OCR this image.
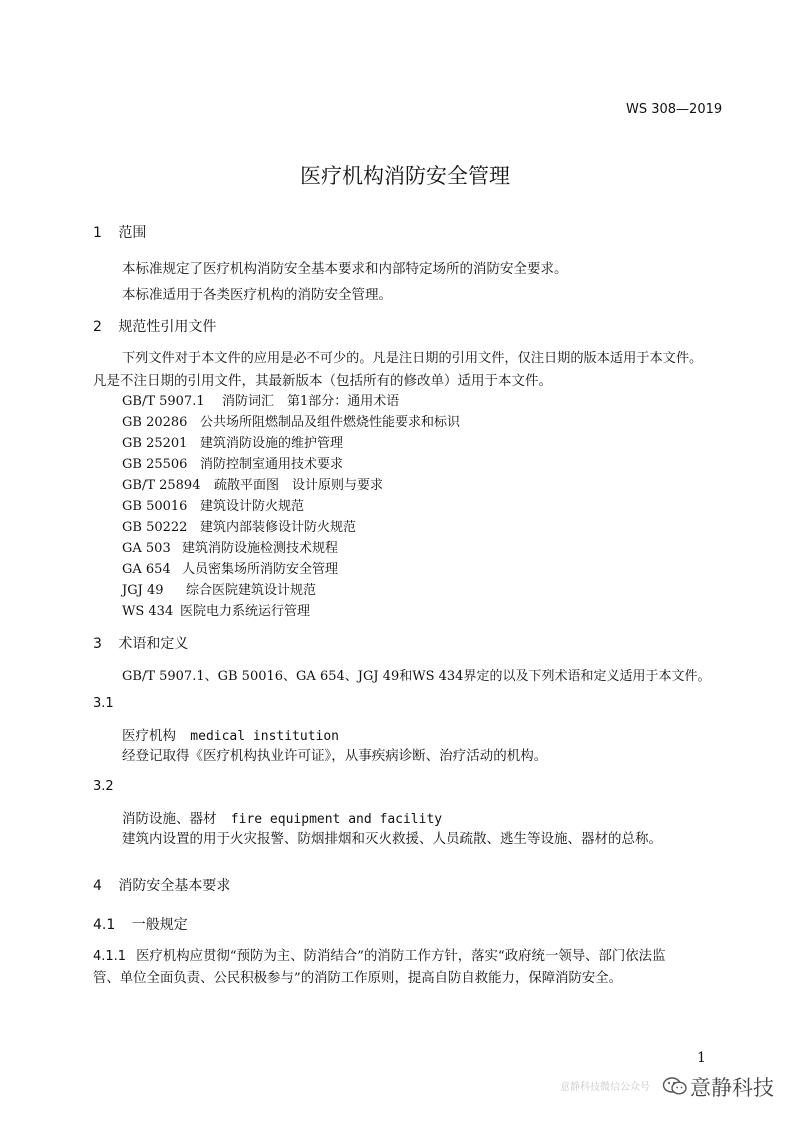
WS 308—2019
医疗机构消防安全管理
1 范围
本标准规定了医疗机构消防安全基本要求和内部特定场所的消防安全要求。
本标准适用于各类医疗机构的消防安全管理。
2 规范性引用文件
下列文件对于本文件的应用是必不可少的。凡是注日期的引用文件，仅注日期的版本适用于本文件。
凡是不注日期的引用文件，其最新版本（包括所有的修改单）适用于本文件。
GB/T 5907.1 消防词汇　第1部分：通用术语
GB 20286 公共场所阻燃制品及组件燃烧性能要求和标识
GB 25201 建筑消防设施的维护管理
GB 25506 消防控制室通用技术要求
GB/T 25894 疏散平面图　设计原则与要求
GB 50016 建筑设计防火规范
GB 50222 建筑内部装修设计防火规范
GA 503 建筑消防设施检测技术规程
GA 654 人员密集场所消防安全管理
JGJ 49 综合医院建筑设计规范
WS 434 医院电力系统运行管理
3 术语和定义
GB/T 5907.1、GB 50016、GA 654、JGJ 49和WS 434界定的以及下列术语和定义适用于本文件。
3.1
医疗机构 medical institution
经登记取得《医疗机构执业许可证》，从事疾病诊断、治疗活动的机构。
3.2
消防设施、器材 fire equipment and facility
建筑内设置的用于火灾报警、防烟排烟和灭火救援、人员疏散、逃生等设施、器材的总称。
4 消防安全基本要求
4.1 一般规定
4.1.1 医疗机构应贯彻“预防为主、防消结合”的消防工作方针，落实“政府统一领导、部门依法监
管、单位全面负责、公民积极参与”的消防工作原则，提高自防自救能力，保障消防安全。
1
意静科技微信公众号 意静科技
